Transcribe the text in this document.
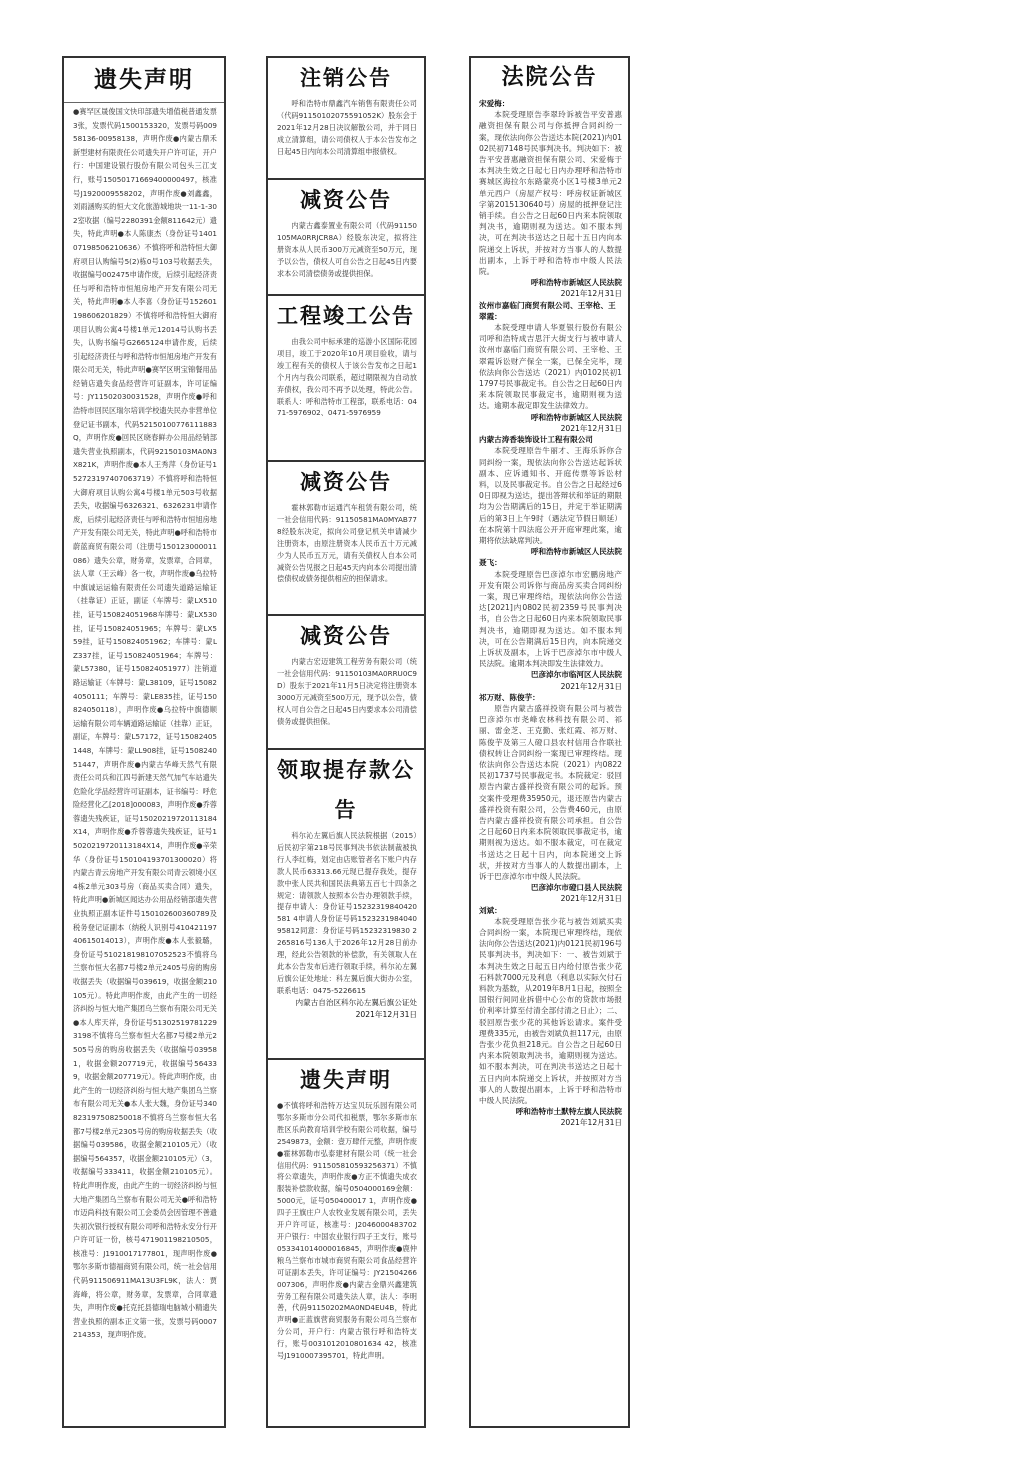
遗失声明

●赛罕区晟俊国文快印部遗失增值税普通发票3张，发票代码1500153320，发票号码00958136-00958138，声明作废●内蒙古鼎禾新型建材有限责任公司遗失开户许可证，开户行：中国建设银行股份有限公司包头三江支行，账号15050171669400000497，核准号J1920009558202，声明作废●刘鑫鑫，刘雨涵购买的恒大文化旅游城地块一11-1-302室收据（编号2280391金额811642元）遗失，特此声明●本人陈康杰（身份证号140107198506210636）不慎将呼和浩特恒大御府项目认购编号5(2)栋0号103号收据丢失，收据编号002475申请作废，后续引起经济责任与呼和浩特市恒旭房地产开发有限公司无关，特此声明●本人李喜（身份证号152601198606201829）不慎将呼和浩特恒大御府项目认购公寓4号楼1单元12014号认购书丢失，认购书编号G2665124申请作废，后续引起经济责任与呼和浩特市恒旭房地产开发有限公司无关，特此声明●赛罕区明宝锦餐用品经销店遗失食品经营许可证副本，许可证编号：JY11502030031528，声明作废●呼和浩特市回民区瑞尔培训学校遗失民办非营单位登记证书副本，代码52150100776111883Q，声明作废●回民区晓春鲜办公用品经销部遗失营业执照副本，代码92150103MA0N3X821K，声明作废●本人王秀萍（身份证号152723197407063719）不慎将呼和浩特恒大御府项目认购公寓4号楼1单元503号收据丢失，收据编号6326321、6326231申请作废，后续引起经济责任与呼和浩特市恒旭房地产开发有限公司无关，特此声明●呼和浩特市蔚蓝商贸有限公司（注册号150123000011086）遗失公章，财务章，发票章，合同章，法人章（王云峰）各一枚，声明作废●乌拉特中旗诚运运输有限责任公司遗失道路运输证（挂靠证）正证，副证（车牌号：蒙LX510挂，证号150824051968车牌号：蒙LX530挂，证号150824051965；车牌号：蒙LX559挂，证号150824051962；车牌号：蒙LZ337挂，证号150824051964；车牌号：蒙L57380，证号150824051977）注销道路运输证（车牌号：蒙L38109，证号150824050111；车牌号：蒙LE835挂，证号150824050118），声明作废●乌拉特中旗德顺运输有限公司车辆道路运输证（挂靠）正证，副证，车牌号：蒙L57172，证号150824051448，车牌号：蒙LL908挂，证号150824051447，声明作废●内蒙古华峰天然气有限责任公司兵和江四号新建天然气加气车站遗失危险化学品经营许可证副本，证书编号：呼危险经营化乙[2018]000083，声明作废●乔蓉蓉遗失残疾证，证号15020219720113184X14，声明作废●乔蓉蓉遗失残疾证，证号15020219720113184X14，声明作废●辛荣华（身份证号150104193701300020）将内蒙古青云房地产开发有限公司青云领境小区4栋2单元303号房（商品买卖合同）遗失，特此声明●新城区闻达办公用品经销部遗失营业执照正副本证件号150102600360789及税务登记证副本（纳税人识别号41042119740615014013），声明作废●本人张毅璐，身份证号510218198107052523不慎将乌兰察布恒大名都7号楼2单元2405号房的购房收据丢失（收据编号039619，收据金额210105元）。特此声明作废，由此产生的一切经济纠纷与恒大地产集团乌兰察布有限公司无关●本人库天祥，身份证号513025197812293198不慎将乌兰察布恒大名都7号楼2单元2505号房的购房收据丢失（收据编号039581，收据金额207719元，收据编号564339，收据金额207719元）。特此声明作废，由此产生的一切经济纠纷与恒大地产集团乌兰察布有限公司无关●本人张大魏，身份证号340823197508250018不慎将乌兰察布恒大名都7号楼2单元2305号房的购房收据丢失（收据编号039586，收据金额210105元）（收据编号564357，收据金额210105元）（3，收据编号333411，收据金额210105元）。特此声明作废，由此产生的一切经济纠纷与恒大地产集团乌兰察布有限公司无关●呼和浩特市迈尚科技有限公司工会委员会因管理不善遗失初次银行授权有限公司呼和浩特永安分行开户许可证一份，核号471901198210505，核准号：J1910017177801，现声明作废●鄂尔多斯市德福商贸有限公司，统一社会信用代码911506911MA13U3FL9K，法人：贾海峰，将公章，财务章，发票章，合同章遗失，声明作废●托克托县德瑞电脑城小精遗失营业执照的副本正文第一张，发票号码0007214353，现声明作废。

注销公告

呼和浩特市鼎鑫汽车销售有限责任公司（代码91150102075591052K）股东会于2021年12月28日决议解散公司，并于同日成立清算组，请公司债权人于本公告发布之日起45日内向本公司清算组申报债权。

减资公告

内蒙古鑫泰置业有限公司（代码91150105MA0RRJCR8A）经股东决定，拟将注册资本从人民币300万元减资至50万元，现予以公告，债权人可自公告之日起45日内要求本公司清偿债务或提供担保。

工程竣工公告

由我公司中标承建的巡游小区国际花园项目，竣工于2020年10月项目验收，请与竣工程有关的债权人于该公告发布之日起1个月内与我公司联系，超过期限视为自动放弃债权，我公司不再予以处理，特此公告。联系人：呼和浩特市工程部，联系电话：0471-5976902、0471-5976959

减资公告

霍林郭勒市运通汽车租赁有限公司，统一社会信用代码：91150581MA0MYAB778经股东决定，拟向公司登记机关申请减少注册资本，由原注册资本人民币五十万元减少为人民币五万元，请有关债权人自本公司减资公告见报之日起45天内向本公司提出清偿债权或债务提供相应的担保请求。

减资公告

内蒙古宏迈建筑工程劳务有限公司（统一社会信用代码：91150103MA0RRU0C9D）股东于2021年11月5日决定将注册资本3000万元减资至500万元，现予以公告，债权人可自公告之日起45日内要求本公司清偿债务或提供担保。

领取提存款公告

科尔沁左翼后旗人民法院根据（2015）后民初字第218号民事判决书依法制裁被执行人李红梅，划定由店账管者名下账户内存款人民币63313.66元现已提存我处，提存款中张人民共和国民法典第五百七十四条之规定：请领款人按照本公告办理领款手续，提存申请人：身份证号15232319840420581 4申请人身份证号码152323198404095812同意：身份证号码15232319830 2265816号136人于2026年12月28日前办理，经此公告领款的补偿款，有关领取人在此本公告发布后进行领取手续，科尔沁左翼后旗公证处地址：科左翼后旗大街办公室，联系电话：0475-5226615

内蒙古自治区科尔沁左翼后旗公证处

2021年12月31日

遗失声明

●不慎将呼和浩特万达宝贝玩乐园有限公司鄂尔多斯市分公司代扣税票，鄂尔多斯市东胜区乐尚教育培训学校有限公司收据，编号2549873，金额：壹万肆仟元整，声明作废●霍林郭勒市弘泰建材有限公司（统一社会信用代码：911505810593256371）不慎将公章遗失，声明作废●方正不慎遗失成衣服装补偿款收据，编号0504000169金额：5000元，证号050400017 1，声明作废●四子王旗庄户人农牧业发展有限公司，丢失开户许可证，核准号：J2046000483702开户银行：中国农业银行四子王支行，账号053341014000016845，声明作废●鹿仲粮乌兰察布市城市商贸有限公司食品经营许可证副本丢失，许可证编号：JY21504266007306，声明作废●内蒙古金鼎兴鑫建筑劳务工程有限公司遗失法人章，法人：李明善，代码91150202MA0ND4EU4B，特此声明●正蓝旗营商贸服务有限公司乌兰察布分公司，开户行：内蒙古银行呼和浩特支行，账号0031012010801634 42，核准号J1910007395701，特此声明。

法院公告

宋爱梅：

本院受理原告李翠玲诉被告平安普惠融资担保有限公司与你抵押合同纠纷一案，现依法向你公告送达本院(2021)内0102民初7148号民事判决书。判决如下：被告平安普惠融资担保有限公司、宋爱梅于本判决生效之日起七日内办理呼和浩特市赛城区海拉尔东路蒙亮小区1号楼3单元2单元西户（房屋产权号：呼房权证新城区字第2015130640号）房屋的抵押登记注销手续。自公告之日起60日内来本院领取判决书，逾期则视为送达。如不服本判决，可在判决书送达之日起十五日内向本院递交上诉状，并按对方当事人的人数提出副本，上诉于呼和浩特市中级人民法院。

呼和浩特市新城区人民法院

2021年12月31日

汝州市嘉临门商贸有限公司、王宰枪、王翠霞：

本院受理申请人华夏银行股份有限公司呼和浩特成吉思汗大街支行与被申请人汝州市嘉临门商贸有限公司、王宰枪、王翠霞诉讼财产保全一案，已保全完毕，现依法向你公告送达（2021）内0102民初11797号民事裁定书。自公告之日起60日内来本院领取民事裁定书，逾期则视为送达。逾期本裁定即发生法律效力。

呼和浩特市新城区人民法院

2021年12月31日

内蒙古涛香装饰设计工程有限公司

本院受理原告牛丽才、王海乐诉你合同纠纷一案，现依法向你公告送达起诉状副本、应诉通知书、开庭传票等诉讼材料，以及民事裁定书。自公告之日起经过60日即视为送达，提出答辩状和举证的期限均为公告期满后的15日，并定于举证期满后的第3日上午9时（遇法定节假日顺延）在本院第十四法庭公开开庭审理此案，逾期将依法缺席判决。

呼和浩特市新城区人民法院

聂飞：

本院受理原告巴彦淖尔市宏鹏房地产开发有限公司诉你与商品房买卖合同纠纷一案，现已审理终结，现依法向你公告送达[2021]内0802民初2359号民事判决书，自公告之日起60日内来本院领取民事判决书，逾期即视为送达。如不服本判决，可在公告期满后15日内，向本院递交上诉状及副本，上诉于巴彦淖尔市中级人民法院。逾期本判决即发生法律效力。

巴彦淖尔市临河区人民法院

2021年12月31日

祁万财、陈俊芋：

原告内蒙古盛祥投资有限公司与被告巴彦淖尔市尧峰农林科技有限公司、祁丽、雷金芝、王克勤、张红霞、祁万财、陈俊芋及第三人磴口县农村信用合作联社债权转让合同纠纷一案现已审理终结。现依法向你公告送达本院（2021）内0822民初1737号民事裁定书。本院裁定：驳回原告内蒙古盛祥投资有限公司的起诉。预交案件受理费35950元，退还原告内蒙古盛祥投资有限公司，公告费460元，由原告内蒙古盛祥投资有限公司承担。自公告之日起60日内来本院领取民事裁定书，逾期则视为送达。如不服本裁定，可在裁定书送达之日起十日内，向本院递交上诉状，并按对方当事人的人数提出副本，上诉于巴彦淖尔市中级人民法院。

巴彦淖尔市磴口县人民法院

2021年12月31日

刘斌：

本院受理原告张少花与被告刘斌买卖合同纠纷一案，本院现已审理终结，现依法向你公告送达(2021)内0121民初196号民事判决书，判决如下：一、被告刘斌于本判决生效之日起五日内给付原告张少花石料款7000元及利息（利息以实际欠付石料款为基数，从2019年8月1日起，按照全国银行间同业拆借中心公布的贷款市场报价利率计算至付清全部付清之日止）；二、驳回原告张少花的其他诉讼请求。案件受理费335元，由被告刘斌负担117元，由原告张少花负担218元。自公告之日起60日内来本院领取判决书，逾期则视为送达。如不服本判决，可在判决书送达之日起十五日内向本院递交上诉状，并按照对方当事人的人数提出副本，上诉于呼和浩特市中级人民法院。

呼和浩特市土默特左旗人民法院

2021年12月31日
